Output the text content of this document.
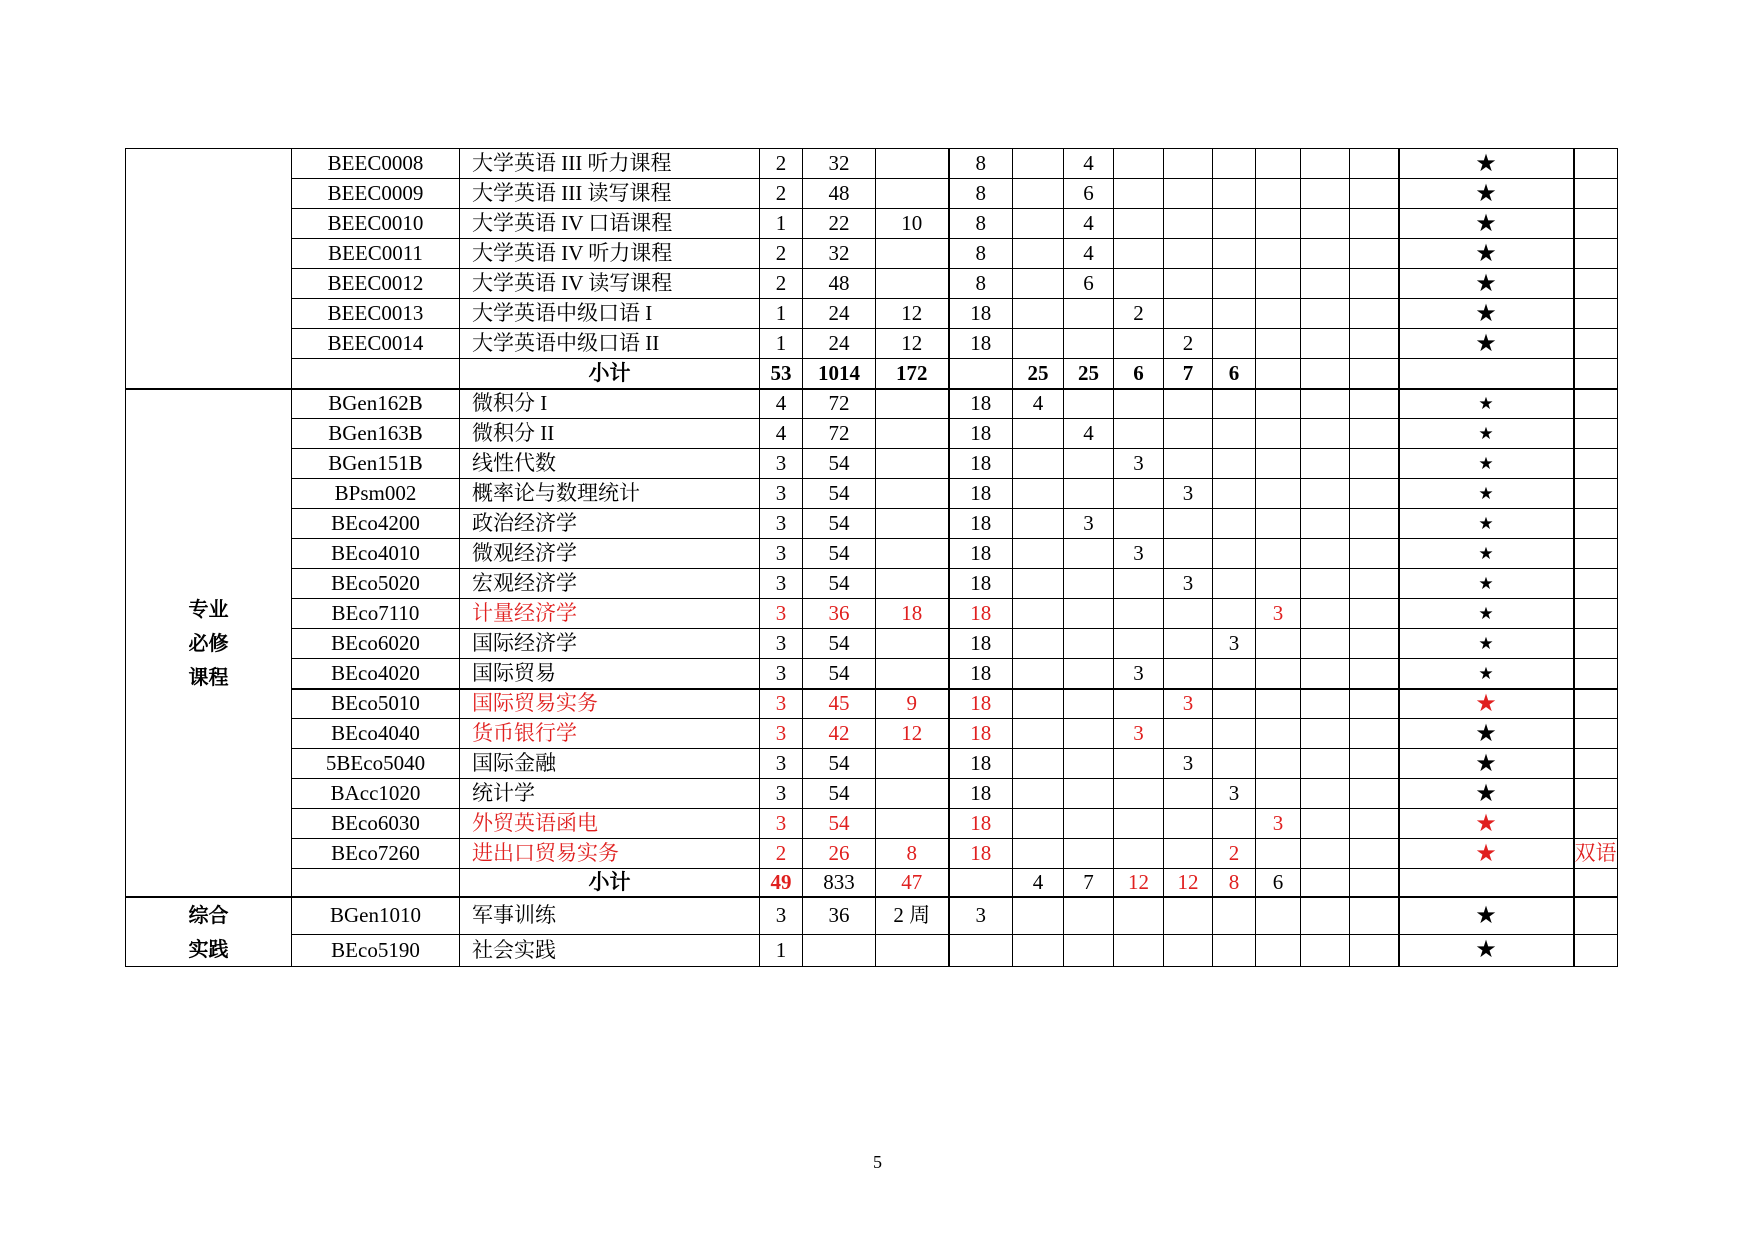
	BEEC0008	大学英语 III 听力课程	2	32		8		4							★	
	BEEC0009	大学英语 III 读写课程	2	48		8		6							★	
	BEEC0010	大学英语 IV 口语课程	1	22	10	8		4							★	
	BEEC0011	大学英语 IV 听力课程	2	32		8		4							★	
	BEEC0012	大学英语 IV 读写课程	2	48		8		6							★	
	BEEC0013	大学英语中级口语 I	1	24	12	18			2						★	
	BEEC0014	大学英语中级口语 II	1	24	12	18				2					★	
		小计	53	1014	172		25	25	6	7	6					

专业
必修
课程	BGen162B	微积分 I	4	72		18	4								★	
	BGen163B	微积分 II	4	72		18		4							★	
	BGen151B	线性代数	3	54		18			3						★	
	BPsm002	概率论与数理统计	3	54		18				3					★	
	BEco4200	政治经济学	3	54		18		3							★	
	BEco4010	微观经济学	3	54		18			3						★	
	BEco5020	宏观经济学	3	54		18				3					★	
	BEco7110	计量经济学	3	36	18	18						3			★	
	BEco6020	国际经济学	3	54		18					3				★	
	BEco4020	国际贸易	3	54		18			3						★	
	BEco5010	国际贸易实务	3	45	9	18				3					★	
	BEco4040	货币银行学	3	42	12	18			3						★	
	5BEco5040	国际金融	3	54		18				3					★	
	BAcc1020	统计学	3	54		18					3				★	
	BEco6030	外贸英语函电	3	54		18						3			★	
	BEco7260	进出口贸易实务	2	26	8	18					2				★	双语
		小计	49	833	47		4	7	12	12	8	6				

综合
实践	BGen1010	军事训练	3	36	2 周	3									★	
	BEco5190	社会实践	1												★	
5
